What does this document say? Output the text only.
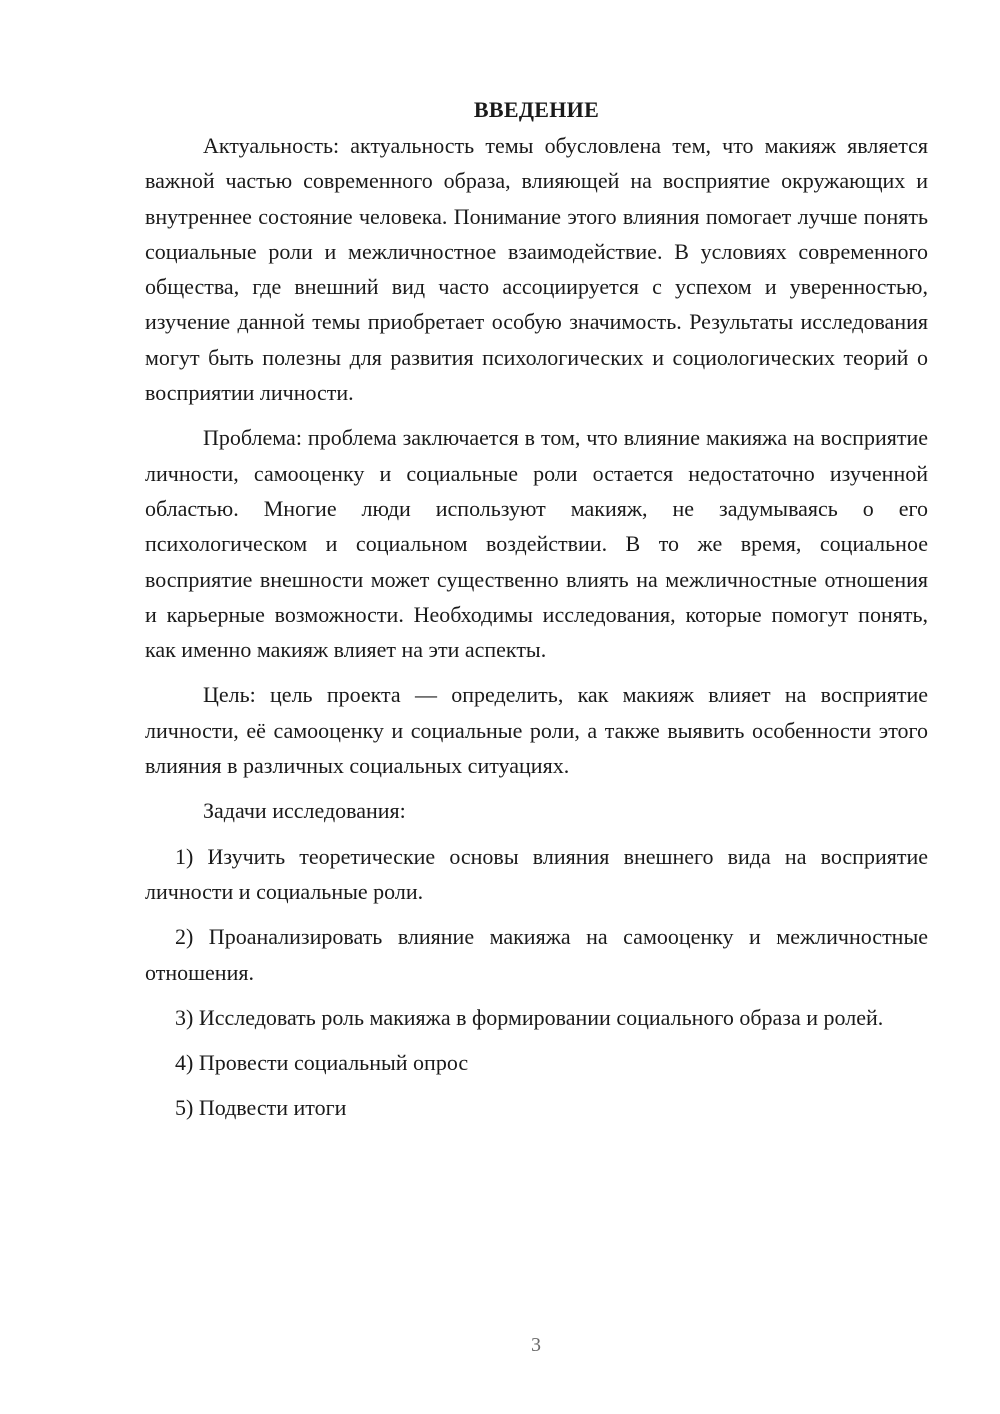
ВВЕДЕНИЕ

Актуальность: актуальность темы обусловлена тем, что макияж является важной частью современного образа, влияющей на восприятие окружающих и внутреннее состояние человека. Понимание этого влияния помогает лучше понять социальные роли и межличностное взаимодействие. В условиях современного общества, где внешний вид часто ассоциируется с успехом и уверенностью, изучение данной темы приобретает особую значимость. Результаты исследования могут быть полезны для развития психологических и социологических теорий о восприятии личности.

Проблема: проблема заключается в том, что влияние макияжа на восприятие личности, самооценку и социальные роли остается недостаточно изученной областью. Многие люди используют макияж, не задумываясь о его психологическом и социальном воздействии. В то же время, социальное восприятие внешности может существенно влиять на межличностные отношения и карьерные возможности. Необходимы исследования, которые помогут понять, как именно макияж влияет на эти аспекты.

Цель: цель проекта — определить, как макияж влияет на восприятие личности, её самооценку и социальные роли, а также выявить особенности этого влияния в различных социальных ситуациях.

Задачи исследования:

1) Изучить теоретические основы влияния внешнего вида на восприятие личности и социальные роли.

2) Проанализировать влияние макияжа на самооценку и межличностные отношения.

3) Исследовать роль макияжа в формировании социального образа и ролей.

4) Провести социальный опрос

5) Подвести итоги

3
